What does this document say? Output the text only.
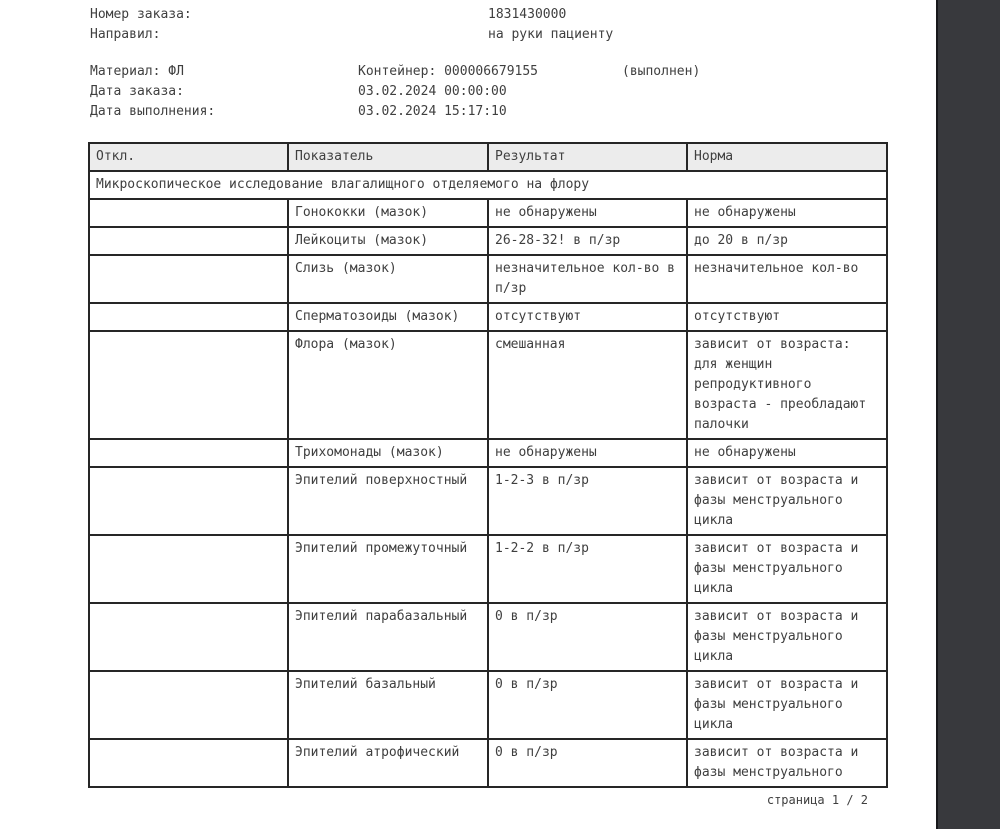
Номер заказа:	1831430000
Направил:	на руки пациенту
Материал: ФЛ	Контейнер: 000006679155	(выполнен)
Дата заказа:	03.02.2024 00:00:00
Дата выполнения:	03.02.2024 15:17:10
Откл.	Показатель	Результат	Норма
Микроскопическое исследование влагалищного отделяемого на флору			
	Гонококки (мазок)	не обнаружены	не обнаружены
	Лейкоциты (мазок)	26-28-32! в п/зр	до 20 в п/зр
	Слизь (мазок)	незначительное кол-во в п/зр	незначительное кол-во
	Сперматозоиды (мазок)	отсутствуют	отсутствуют
	Флора (мазок)	смешанная	зависит от возраста: для женщин репродуктивного возраста - преобладают палочки
	Трихомонады (мазок)	не обнаружены	не обнаружены
	Эпителий поверхностный	1-2-3 в п/зр	зависит от возраста и фазы менструального цикла
	Эпителий промежуточный	1-2-2 в п/зр	зависит от возраста и фазы менструального цикла
	Эпителий парабазальный	0 в п/зр	зависит от возраста и фазы менструального цикла
	Эпителий базальный	0 в п/зр	зависит от возраста и фазы менструального цикла
	Эпителий атрофический	0 в п/зр	зависит от возраста и фазы менструального
страница 1 / 2
